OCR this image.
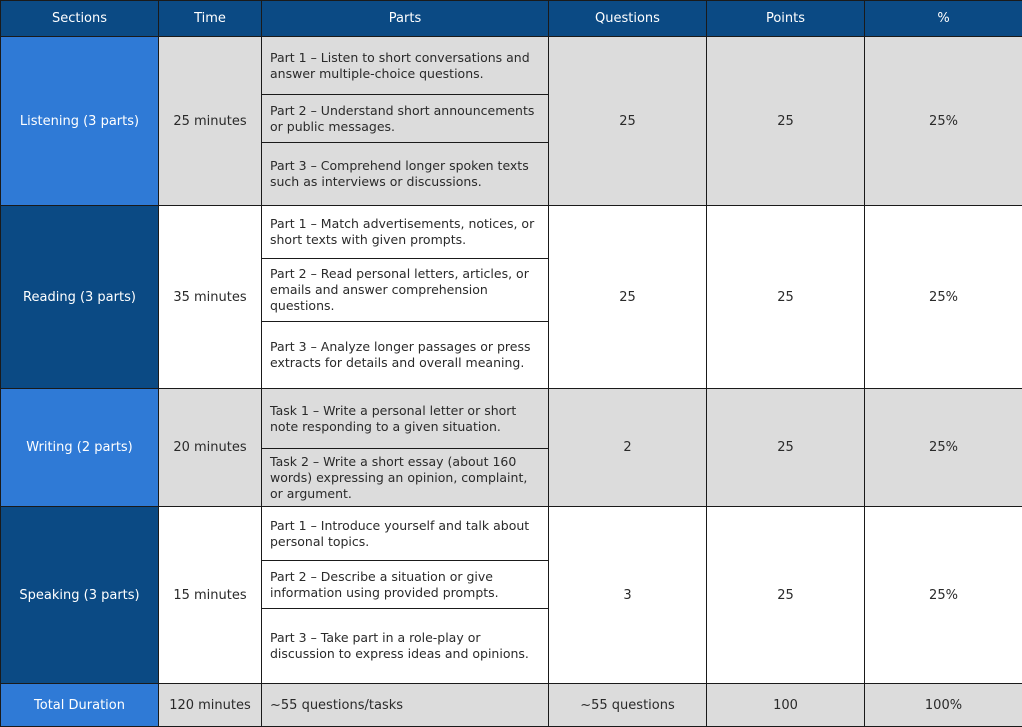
Sections	Time	Parts	Questions	Points	%
Listening (3 parts)	25 minutes	Part 1 – Listen to short conversations and answer multiple-choice questions.	25	25	25%
		Part 2 – Understand short announcements or public messages.			
		Part 3 – Comprehend longer spoken texts such as interviews or discussions.			
Reading (3 parts)	35 minutes	Part 1 – Match advertisements, notices, or short texts with given prompts.	25	25	25%
		Part 2 – Read personal letters, articles, or emails and answer comprehension questions.			
		Part 3 – Analyze longer passages or press extracts for details and overall meaning.			
Writing (2 parts)	20 minutes	Task 1 – Write a personal letter or short note responding to a given situation.	2	25	25%
		Task 2 – Write a short essay (about 160 words) expressing an opinion, complaint, or argument.			
Speaking (3 parts)	15 minutes	Part 1 – Introduce yourself and talk about personal topics.	3	25	25%
		Part 2 – Describe a situation or give information using provided prompts.			
		Part 3 – Take part in a role-play or discussion to express ideas and opinions.			
Total Duration	120 minutes	~55 questions/tasks	~55 questions	100	100%
